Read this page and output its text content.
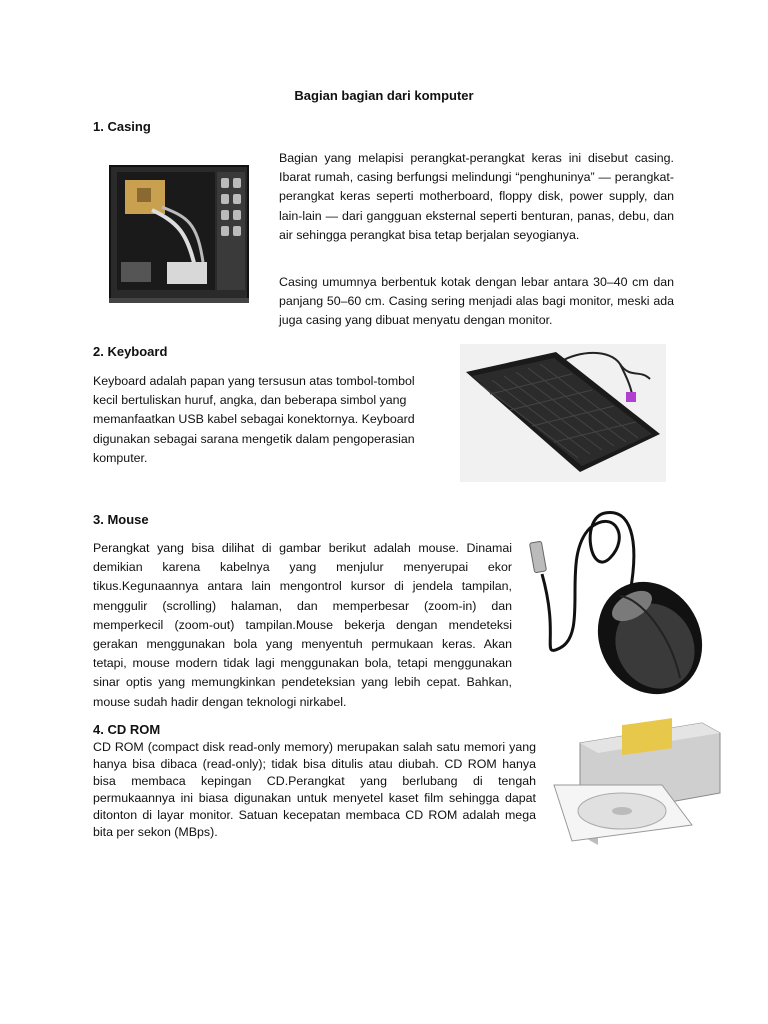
Bagian bagian dari komputer
1. Casing
Bagian yang melapisi perangkat-perangkat keras ini disebut casing. Ibarat rumah, casing berfungsi melindungi “penghuninya” — perangkat-perangkat keras seperti motherboard, floppy disk, power supply, dan lain-lain — dari gangguan eksternal seperti benturan, panas, debu, dan air sehingga perangkat bisa tetap berjalan seyogianya.
Casing umumnya berbentuk kotak dengan lebar antara 30–40 cm dan panjang 50–60 cm. Casing sering menjadi alas bagi monitor, meski ada juga casing yang dibuat menyatu dengan monitor.
2. Keyboard
Keyboard adalah papan yang tersusun atas tombol-tombol kecil bertuliskan huruf, angka, dan beberapa simbol yang memanfaatkan USB kabel sebagai konektornya. Keyboard digunakan sebagai sarana mengetik dalam pengoperasian komputer.
3. Mouse
Perangkat yang bisa dilihat di gambar berikut adalah mouse. Dinamai demikian karena kabelnya yang menjulur menyerupai ekor tikus.Kegunaannya antara lain mengontrol kursor di jendela tampilan, menggulir (scrolling) halaman, dan memperbesar (zoom-in) dan memperkecil (zoom-out) tampilan.Mouse bekerja dengan mendeteksi gerakan menggunakan bola yang menyentuh permukaan keras. Akan tetapi, mouse modern tidak lagi menggunakan bola, tetapi menggunakan sinar optis yang memungkinkan pendeteksian yang lebih cepat. Bahkan, mouse sudah hadir dengan teknologi nirkabel.
4. CD ROM
CD ROM (compact disk read-only memory) merupakan salah satu memori yang hanya bisa dibaca (read-only); tidak bisa ditulis atau diubah. CD ROM hanya bisa membaca kepingan CD.Perangkat yang berlubang di tengah permukaannya ini biasa digunakan untuk menyetel kaset film sehingga dapat ditonton di layar monitor. Satuan kecepatan membaca CD ROM adalah mega bita per sekon (MBps).
